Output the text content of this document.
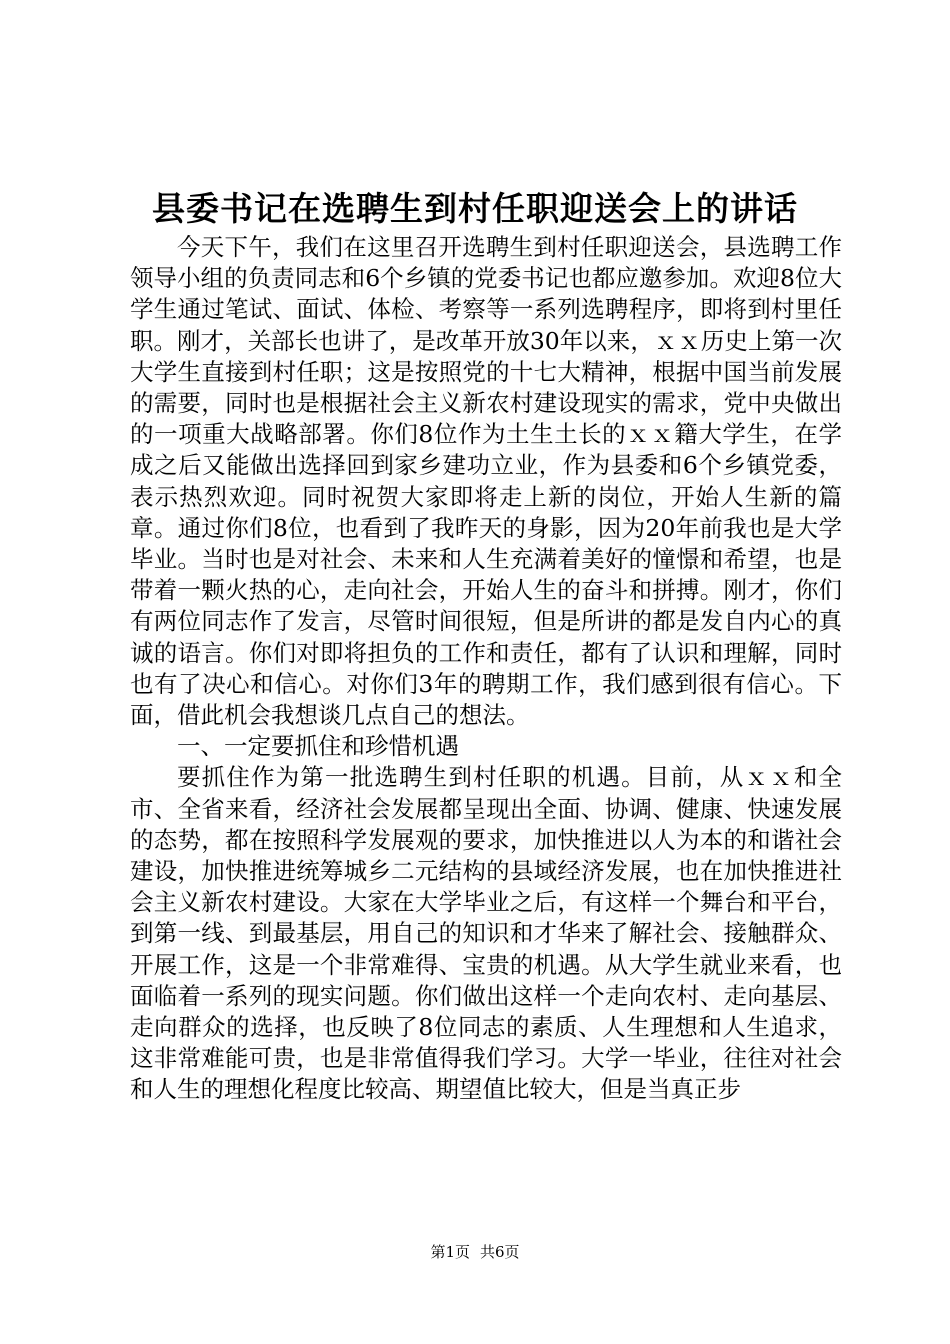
县委书记在选聘生到村任职迎送会上的讲话

今天下午，我们在这里召开选聘生到村任职迎送会，县选聘工作领导小组的负责同志和6个乡镇的党委书记也都应邀参加。欢迎8位大学生通过笔试、面试、体检、考察等一系列选聘程序，即将到村里任职。刚才，关部长也讲了，是改革开放30年以来，ｘｘ历史上第一次大学生直接到村任职；这是按照党的十七大精神，根据中国当前发展的需要，同时也是根据社会主义新农村建设现实的需求，党中央做出的一项重大战略部署。你们8位作为土生土长的ｘｘ籍大学生，在学成之后又能做出选择回到家乡建功立业，作为县委和6个乡镇党委，表示热烈欢迎。同时祝贺大家即将走上新的岗位，开始人生新的篇章。通过你们8位，也看到了我昨天的身影，因为20年前我也是大学毕业。当时也是对社会、未来和人生充满着美好的憧憬和希望，也是带着一颗火热的心，走向社会，开始人生的奋斗和拼搏。刚才，你们有两位同志作了发言，尽管时间很短，但是所讲的都是发自内心的真诚的语言。你们对即将担负的工作和责任，都有了认识和理解，同时也有了决心和信心。对你们3年的聘期工作，我们感到很有信心。下面，借此机会我想谈几点自己的想法。

一、一定要抓住和珍惜机遇

要抓住作为第一批选聘生到村任职的机遇。目前，从ｘｘ和全市、全省来看，经济社会发展都呈现出全面、协调、健康、快速发展的态势，都在按照科学发展观的要求，加快推进以人为本的和谐社会建设，加快推进统筹城乡二元结构的县域经济发展，也在加快推进社会主义新农村建设。大家在大学毕业之后，有这样一个舞台和平台，到第一线、到最基层，用自己的知识和才华来了解社会、接触群众、开展工作，这是一个非常难得、宝贵的机遇。从大学生就业来看，也面临着一系列的现实问题。你们做出这样一个走向农村、走向基层、走向群众的选择，也反映了8位同志的素质、人生理想和人生追求，这非常难能可贵，也是非常值得我们学习。大学一毕业，往往对社会和人生的理想化程度比较高、期望值比较大，但是当真正步

第1页 共6页
